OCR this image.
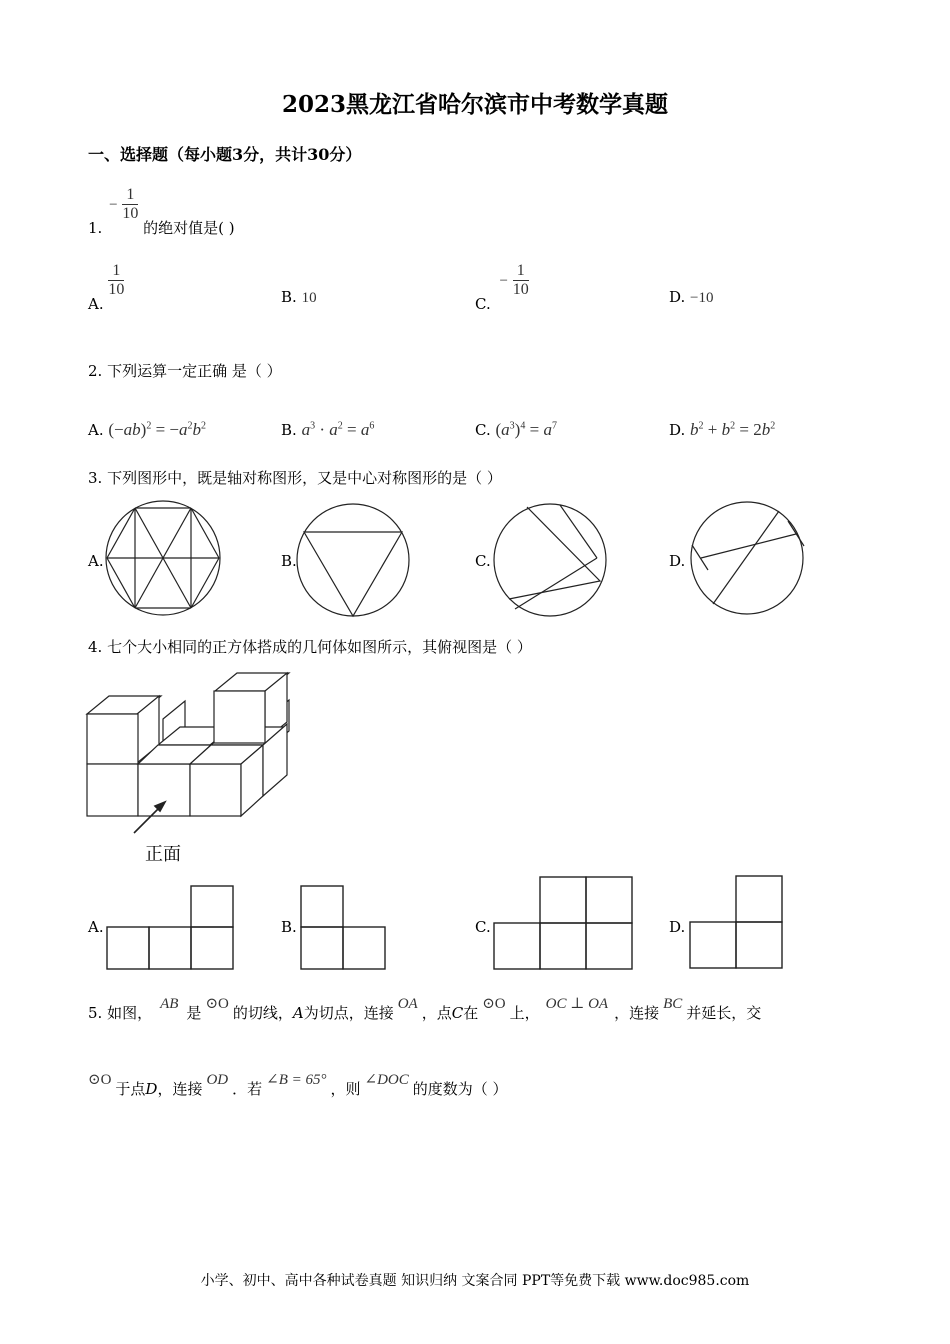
2023黑龙江省哈尔滨市中考数学真题
一、选择题（每小题3分，共计30分）
1. − $\frac{1}{10}$
的绝对值是( )
A.
$\frac{1}{10}$	B. 10	C. − $\frac{1}{10}$	D. −10
2. 下列运算一定正确 是（ ）
A. $(-ab)^2 = -a^2b^2$	B. $a^3 \cdot a^2 = a^6$	C. $(a^3)^4 = a^7$	D. $b^2 + b^2 = 2b^2$
3. 下列图形中，既是轴对称图形，又是中心对称图形的是（ ）
A.	B.	C.	D.
4. 七个大小相同的正方体搭成的几何体如图所示，其俯视图是（ ）
正面
A.	B.	C.	D.
5. 如图， AB 是 ⊙O 的切线，A为切点，连接 OA ，点C在 ⊙O 上， OC ⊥ OA ，连接 BC 并延长，交
⊙O 于点D，连接 OD ．若 ∠B = 65° ，则 ∠DOC 的度数为（ ）
小学、初中、高中各种试卷真题 知识归纳 文案合同 PPT等免费下载 www.doc985.com
